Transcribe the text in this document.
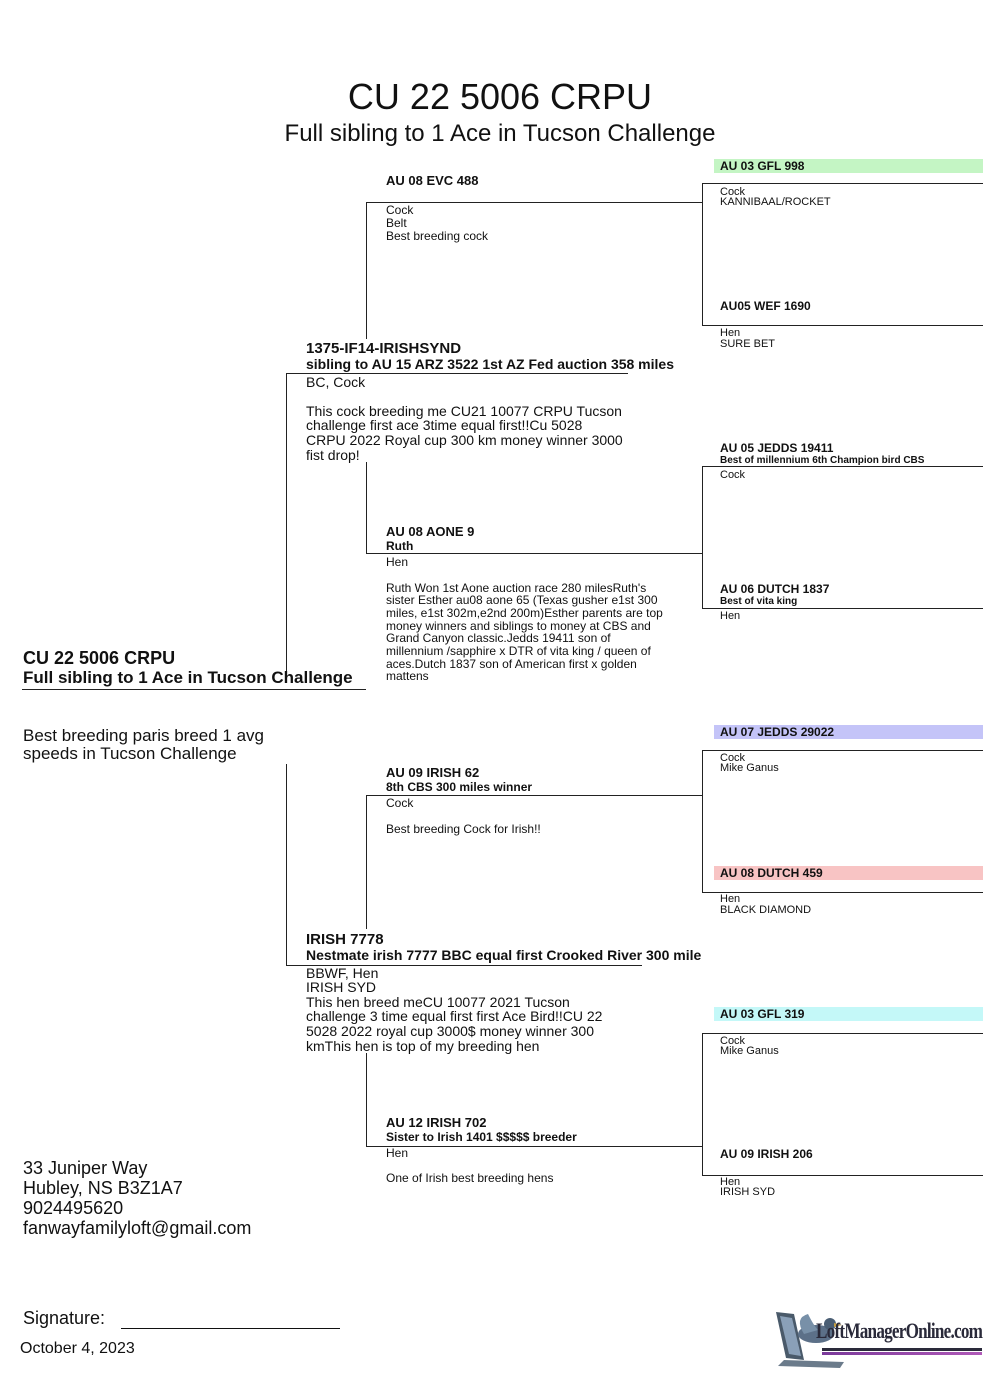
CU 22 5006 CRPU
Full sibling to 1 Ace in Tucson Challenge
CU 22 5006 CRPU
Full sibling to 1 Ace in Tucson Challenge
Best breeding paris breed 1 avg
speeds in Tucson Challenge
1375-IF14-IRISHSYND
sibling to AU 15 ARZ 3522 1st AZ Fed auction 358 miles
BC, Cock
This cock breeding me CU21 10077 CRPU Tucson
challenge first ace 3time equal first!!Cu 5028
CRPU 2022 Royal cup 300 km money winner 3000
fist drop!
IRISH 7778
Nestmate irish 7777 BBC equal first Crooked River 300 mile
BBWF, Hen
IRISH SYD
This hen breed meCU 10077 2021 Tucson
challenge 3 time equal first first Ace Bird!!CU 22
5028 2022 royal cup 3000$ money winner 300
kmThis hen is top of my breeding hen
AU 08 EVC 488
Cock
Belt
Best breeding cock
AU 08 AONE 9
Ruth
Hen
Ruth Won 1st Aone auction race 280 milesRuth's
sister Esther au08 aone 65 (Texas gusher e1st 300
miles, e1st 302m,e2nd 200m)Esther parents are top
money winners and siblings to money at CBS and
Grand Canyon classic.Jedds 19411 son of
millennium /sapphire x DTR of vita king / queen of
aces.Dutch 1837 son of American first x golden
mattens
AU 09 IRISH 62
8th CBS 300 miles winner
Cock
Best breeding Cock for Irish!!
AU 12 IRISH 702
Sister to Irish 1401 $$$$$ breeder
Hen
One of Irish best breeding hens
AU 03 GFL 998
Cock
KANNIBAAL/ROCKET
AU05 WEF 1690
Hen
SURE BET
AU 05 JEDDS 19411
Best of millennium 6th Champion bird CBS
Cock
AU 06 DUTCH 1837
Best of vita king
Hen
AU 07 JEDDS 29022
Cock
Mike Ganus
AU 08 DUTCH 459
Hen
BLACK DIAMOND
AU 03 GFL 319
Cock
Mike Ganus
AU 09 IRISH 206
Hen
IRISH SYD
33 Juniper Way
Hubley, NS B3Z1A7
9024495620
fanwayfamilyloft@gmail.com
Signature:
October 4, 2023
LoftManagerOnline.com
